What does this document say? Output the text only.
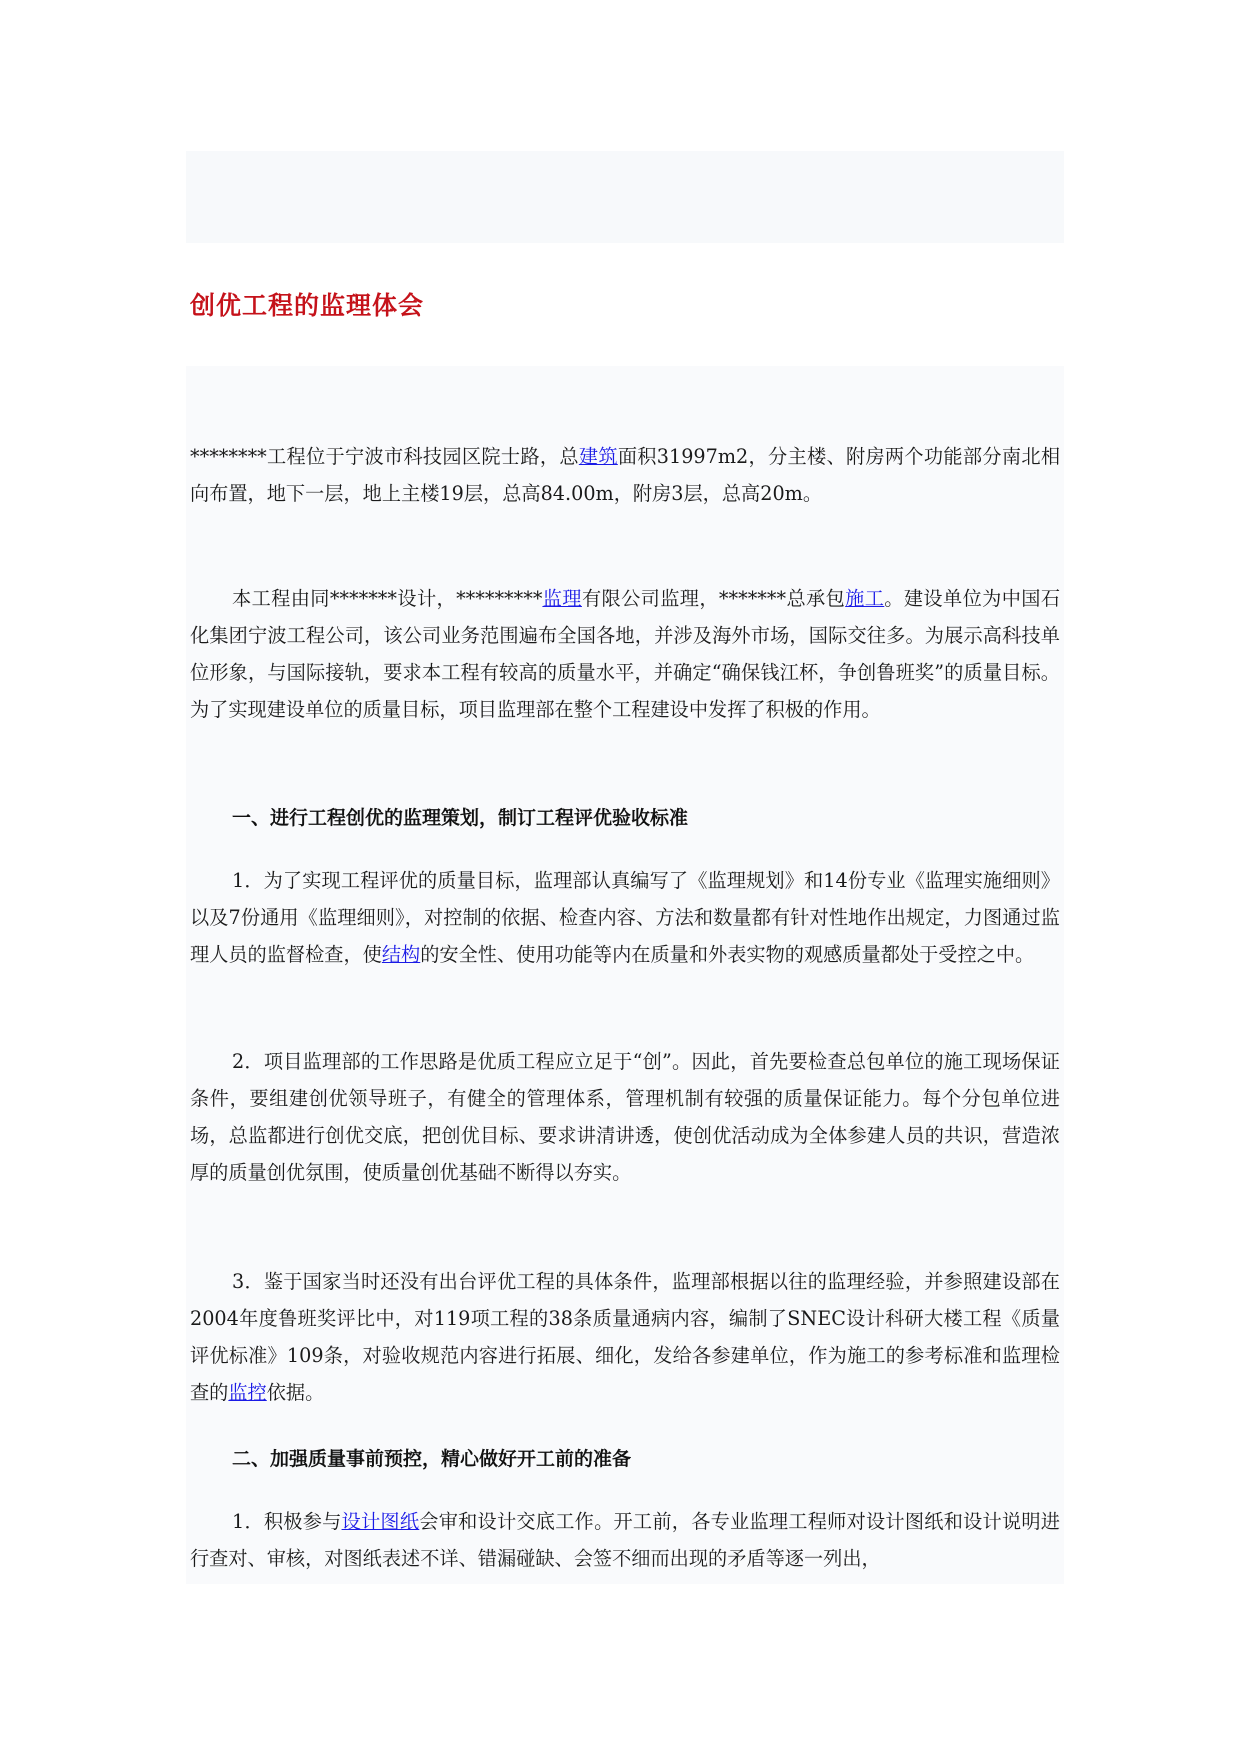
创优工程的监理体会

********工程位于宁波市科技园区院士路，总建筑面积31997m2，分主楼、附房两个功能部分南北相向布置，地下一层，地上主楼19层，总高84.00m，附房3层，总高20m。

本工程由同*******设计，*********监理有限公司监理，*******总承包施工。建设单位为中国石化集团宁波工程公司，该公司业务范围遍布全国各地，并涉及海外市场，国际交往多。为展示高科技单位形象，与国际接轨，要求本工程有较高的质量水平，并确定“确保钱江杯，争创鲁班奖”的质量目标。为了实现建设单位的质量目标，项目监理部在整个工程建设中发挥了积极的作用。

一、进行工程创优的监理策划，制订工程评优验收标准

1．为了实现工程评优的质量目标，监理部认真编写了《监理规划》和14份专业《监理实施细则》以及7份通用《监理细则》，对控制的依据、检查内容、方法和数量都有针对性地作出规定，力图通过监理人员的监督检查，使结构的安全性、使用功能等内在质量和外表实物的观感质量都处于受控之中。

2．项目监理部的工作思路是优质工程应立足于“创”。因此，首先要检查总包单位的施工现场保证条件，要组建创优领导班子，有健全的管理体系，管理机制有较强的质量保证能力。每个分包单位进场，总监都进行创优交底，把创优目标、要求讲清讲透，使创优活动成为全体参建人员的共识，营造浓厚的质量创优氛围，使质量创优基础不断得以夯实。

3．鉴于国家当时还没有出台评优工程的具体条件，监理部根据以往的监理经验，并参照建设部在2004年度鲁班奖评比中，对119项工程的38条质量通病内容，编制了SNEC设计科研大楼工程《质量评优标准》109条，对验收规范内容进行拓展、细化，发给各参建单位，作为施工的参考标准和监理检查的监控依据。

二、加强质量事前预控，精心做好开工前的准备

1．积极参与设计图纸会审和设计交底工作。开工前，各专业监理工程师对设计图纸和设计说明进行查对、审核，对图纸表述不详、错漏碰缺、会签不细而出现的矛盾等逐一列出，
